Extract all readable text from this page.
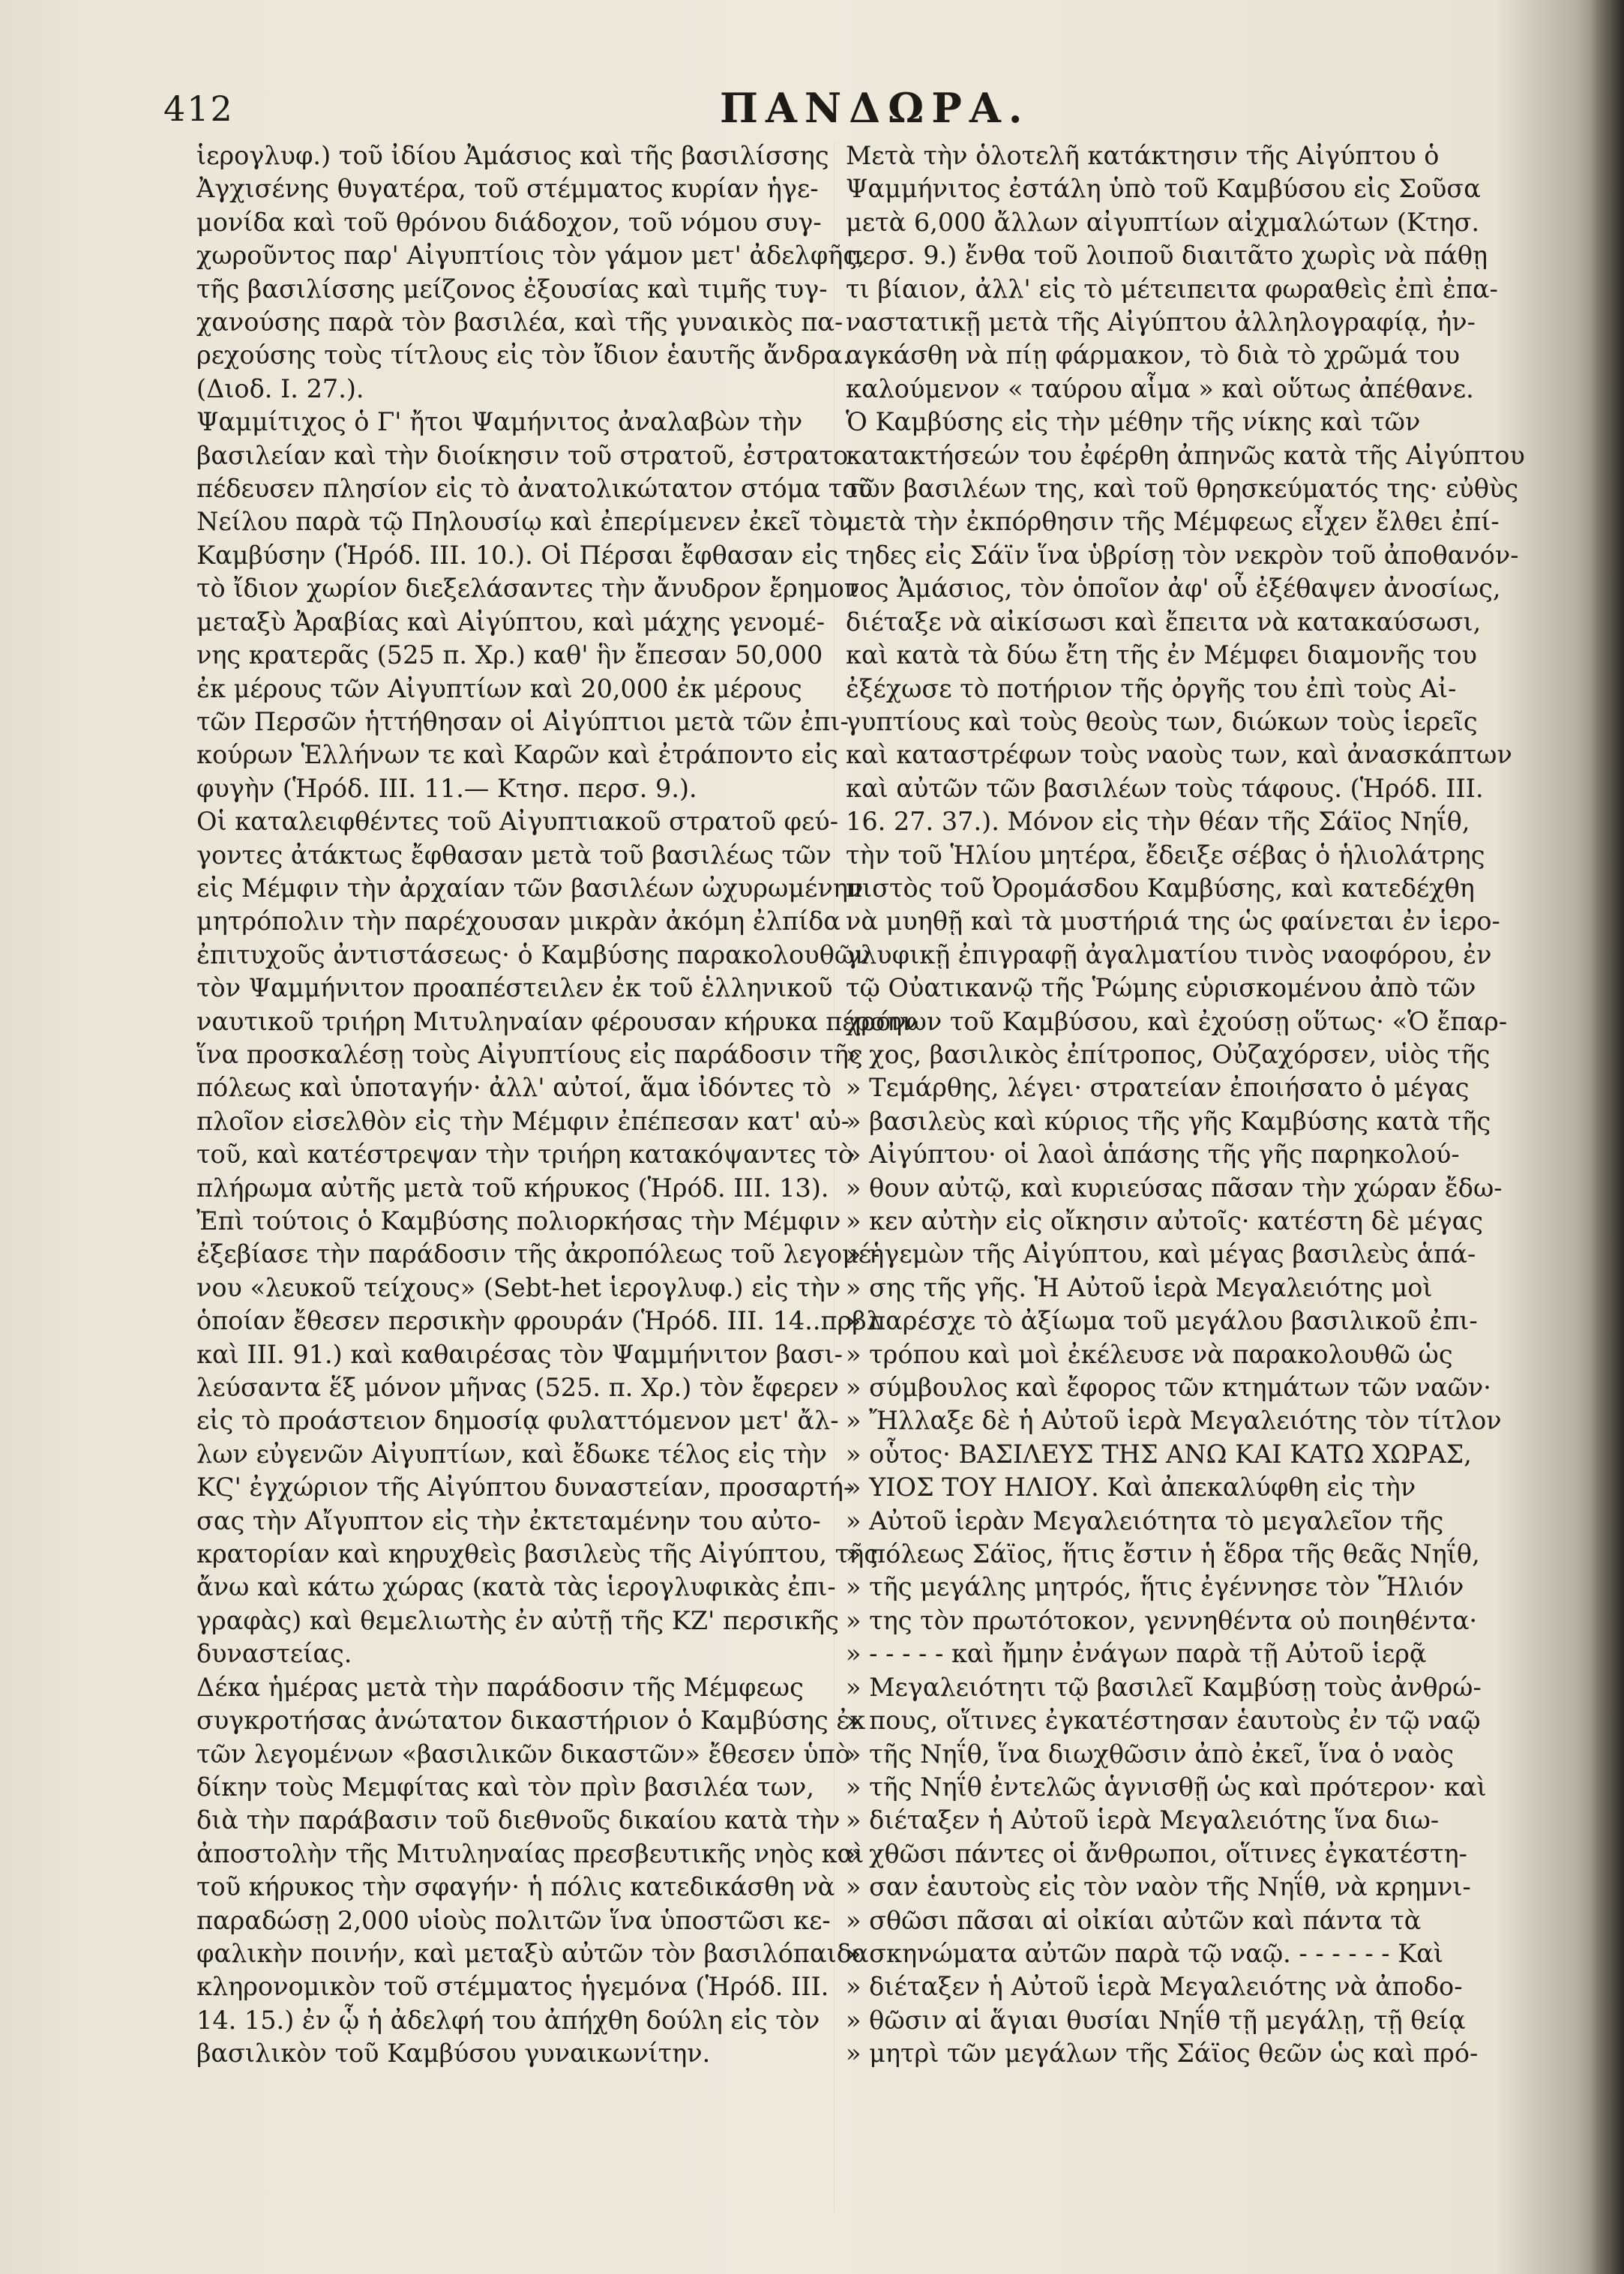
412	ΠΑΝΔΩΡΑ.
ἱερογλυφ.) τοῦ ἰδίου Ἀμάσιος καὶ τῆς βασιλίσσης
Ἀγχισένης θυγατέρα, τοῦ στέμματος κυρίαν ἡγε-
μονίδα καὶ τοῦ θρόνου διάδοχον, τοῦ νόμου συγ-
χωροῦντος παρ' Αἰγυπτίοις τὸν γάμον μετ' ἀδελφῆς,
τῆς βασιλίσσης μείζονος ἐξουσίας καὶ τιμῆς τυγ-
χανούσης παρὰ τὸν βασιλέα, καὶ τῆς γυναικὸς πα-
ρεχούσης τοὺς τίτλους εἰς τὸν ἴδιον ἑαυτῆς ἄνδρα.
(Διοδ. I. 27.).
Ψαμμίτιχος ὁ Γ' ἤτοι Ψαμήνιτος ἀναλαβὼν τὴν
βασιλείαν καὶ τὴν διοίκησιν τοῦ στρατοῦ, ἐστρατο-
πέδευσεν πλησίον εἰς τὸ ἀνατολικώτατον στόμα τοῦ
Νείλου παρὰ τῷ Πηλουσίῳ καὶ ἐπερίμενεν ἐκεῖ τὸν
Καμβύσην (Ἡρόδ. III. 10.). Οἱ Πέρσαι ἔφθασαν εἰς
τὸ ἴδιον χωρίον διεξελάσαντες τὴν ἄνυδρον ἔρημον
μεταξὺ Ἀραβίας καὶ Αἰγύπτου, καὶ μάχης γενομέ-
νης κρατερᾶς (525 π. Χρ.) καθ' ἣν ἔπεσαν 50,000
ἐκ μέρους τῶν Αἰγυπτίων καὶ 20,000 ἐκ μέρους
τῶν Περσῶν ἡττήθησαν οἱ Αἰγύπτιοι μετὰ τῶν ἐπι-
κούρων Ἑλλήνων τε καὶ Καρῶν καὶ ἐτράποντο εἰς
φυγὴν (Ἡρόδ. III. 11.— Κτησ. περσ. 9.).
Οἱ καταλειφθέντες τοῦ Αἰγυπτιακοῦ στρατοῦ φεύ-
γοντες ἀτάκτως ἔφθασαν μετὰ τοῦ βασιλέως τῶν
εἰς Μέμφιν τὴν ἀρχαίαν τῶν βασιλέων ὠχυρωμένην
μητρόπολιν τὴν παρέχουσαν μικρὰν ἀκόμη ἐλπίδα
ἐπιτυχοῦς ἀντιστάσεως· ὁ Καμβύσης παρακολουθῶν
τὸν Ψαμμήνιτον προαπέστειλεν ἐκ τοῦ ἑλληνικοῦ
ναυτικοῦ τριήρη Μιτυληναίαν φέρουσαν κήρυκα πέρσην
ἵνα προσκαλέσῃ τοὺς Αἰγυπτίους εἰς παράδοσιν τῆς
πόλεως καὶ ὑποταγήν· ἀλλ' αὐτοί, ἅμα ἰδόντες τὸ
πλοῖον εἰσελθὸν εἰς τὴν Μέμφιν ἐπέπεσαν κατ' αὐ-
τοῦ, καὶ κατέστρεψαν τὴν τριήρη κατακόψαντες τὸ
πλήρωμα αὐτῆς μετὰ τοῦ κήρυκος (Ἡρόδ. III. 13).
Ἐπὶ τούτοις ὁ Καμβύσης πολιορκήσας τὴν Μέμφιν
ἐξεβίασε τὴν παράδοσιν τῆς ἀκροπόλεως τοῦ λεγομέ-
νου «λευκοῦ τείχους» (Sebt-het ἱερογλυφ.) εἰς τὴν
ὁποίαν ἔθεσεν περσικὴν φρουράν (Ἡρόδ. III. 14..πρβλ
καὶ III. 91.) καὶ καθαιρέσας τὸν Ψαμμήνιτον βασι-
λεύσαντα ἕξ μόνον μῆνας (525. π. Χρ.) τὸν ἔφερεν
εἰς τὸ προάστειον δημοσίᾳ φυλαττόμενον μετ' ἄλ-
λων εὐγενῶν Αἰγυπτίων, καὶ ἔδωκε τέλος εἰς τὴν
ΚϚ' ἐγχώριον τῆς Αἰγύπτου δυναστείαν, προσαρτή-
σας τὴν Αἴγυπτον εἰς τὴν ἐκτεταμένην του αὐτο-
κρατορίαν καὶ κηρυχθεὶς βασιλεὺς τῆς Αἰγύπτου, τῆς
ἄνω καὶ κάτω χώρας (κατὰ τὰς ἱερογλυφικὰς ἐπι-
γραφὰς) καὶ θεμελιωτὴς ἐν αὐτῇ τῆς ΚΖ' περσικῆς
δυναστείας.
Δέκα ἡμέρας μετὰ τὴν παράδοσιν τῆς Μέμφεως
συγκροτήσας ἀνώτατον δικαστήριον ὁ Καμβύσης ἐκ
τῶν λεγομένων «βασιλικῶν δικαστῶν» ἔθεσεν ὑπὸ
δίκην τοὺς Μεμφίτας καὶ τὸν πρὶν βασιλέα των,
διὰ τὴν παράβασιν τοῦ διεθνοῦς δικαίου κατὰ τὴν
ἀποστολὴν τῆς Μιτυληναίας πρεσβευτικῆς νηὸς καὶ
τοῦ κήρυκος τὴν σφαγήν· ἡ πόλις κατεδικάσθη νὰ
παραδώσῃ 2,000 υἱοὺς πολιτῶν ἵνα ὑποστῶσι κε-
φαλικὴν ποινήν, καὶ μεταξὺ αὐτῶν τὸν βασιλόπαιδα
κληρονομικὸν τοῦ στέμματος ἡγεμόνα (Ἡρόδ. III.
14. 15.) ἐν ᾧ ἡ ἀδελφή του ἀπήχθη δούλη εἰς τὸν
βασιλικὸν τοῦ Καμβύσου γυναικωνίτην.
Μετὰ τὴν ὁλοτελῆ κατάκτησιν τῆς Αἰγύπτου ὁ
Ψαμμήνιτος ἐστάλη ὑπὸ τοῦ Καμβύσου εἰς Σοῦσα
μετὰ 6,000 ἄλλων αἰγυπτίων αἰχμαλώτων (Κτησ.
περσ. 9.) ἔνθα τοῦ λοιποῦ διαιτᾶτο χωρὶς νὰ πάθῃ
τι βίαιον, ἀλλ' εἰς τὸ μέτειπειτα φωραθεὶς ἐπὶ ἐπα-
ναστατικῇ μετὰ τῆς Αἰγύπτου ἀλληλογραφίᾳ, ἠν-
αγκάσθη νὰ πίῃ φάρμακον, τὸ διὰ τὸ χρῶμά του
καλούμενον « ταύρου αἷμα » καὶ οὕτως ἀπέθανε.
Ὁ Καμβύσης εἰς τὴν μέθην τῆς νίκης καὶ τῶν
κατακτήσεών του ἐφέρθη ἀπηνῶς κατὰ τῆς Αἰγύπτου
τῶν βασιλέων της, καὶ τοῦ θρησκεύματός της· εὐθὺς
μετὰ τὴν ἐκπόρθησιν τῆς Μέμφεως εἶχεν ἔλθει ἐπί-
τηδες εἰς Σάϊν ἵνα ὑβρίσῃ τὸν νεκρὸν τοῦ ἀποθανόν-
τος Ἀμάσιος, τὸν ὁποῖον ἀφ' οὗ ἐξέθαψεν ἀνοσίως,
διέταξε νὰ αἰκίσωσι καὶ ἔπειτα νὰ κατακαύσωσι,
καὶ κατὰ τὰ δύω ἔτη τῆς ἐν Μέμφει διαμονῆς του
ἐξέχωσε τὸ ποτήριον τῆς ὀργῆς του ἐπὶ τοὺς Αἰ-
γυπτίους καὶ τοὺς θεοὺς των, διώκων τοὺς ἱερεῖς
καὶ καταστρέφων τοὺς ναοὺς των, καὶ ἀνασκάπτων
καὶ αὐτῶν τῶν βασιλέων τοὺς τάφους. (Ἡρόδ. III.
16. 27. 37.). Μόνον εἰς τὴν θέαν τῆς Σάϊος Νηΐθ,
τὴν τοῦ Ἡλίου μητέρα, ἔδειξε σέβας ὁ ἡλιολάτρης
πιστὸς τοῦ Ὀρομάσδου Καμβύσης, καὶ κατεδέχθη
νὰ μυηθῇ καὶ τὰ μυστήριά της ὡς φαίνεται ἐν ἱερο-
γλυφικῇ ἐπιγραφῇ ἀγαλματίου τινὸς ναοφόρου, ἐν
τῷ Οὐατικανῷ τῆς Ῥώμης εὑρισκομένου ἀπὸ τῶν
χρόνων τοῦ Καμβύσου, καὶ ἐχούσῃ οὕτως· «Ὁ ἔπαρ-
» χος, βασιλικὸς ἐπίτροπος, Οὐζαχόρσεν, υἱὸς τῆς
» Τεμάρθης, λέγει· στρατείαν ἐποιήσατο ὁ μέγας
» βασιλεὺς καὶ κύριος τῆς γῆς Καμβύσης κατὰ τῆς
» Αἰγύπτου· οἱ λαοὶ ἁπάσης τῆς γῆς παρηκολού-
» θουν αὐτῷ, καὶ κυριεύσας πᾶσαν τὴν χώραν ἔδω-
» κεν αὐτὴν εἰς οἴκησιν αὐτοῖς· κατέστη δὲ μέγας
» ἡγεμὼν τῆς Αἰγύπτου, καὶ μέγας βασιλεὺς ἁπά-
» σης τῆς γῆς. Ἡ Αὐτοῦ ἱερὰ Μεγαλειότης μοὶ
» παρέσχε τὸ ἀξίωμα τοῦ μεγάλου βασιλικοῦ ἐπι-
» τρόπου καὶ μοὶ ἐκέλευσε νὰ παρακολουθῶ ὡς
» σύμβουλος καὶ ἔφορος τῶν κτημάτων τῶν ναῶν·
» Ἤλλαξε δὲ ἡ Αὐτοῦ ἱερὰ Μεγαλειότης τὸν τίτλον
» οὗτος· ΒΑΣΙΛΕΥΣ ΤΗΣ ΑΝΩ ΚΑΙ ΚΑΤΩ ΧΩΡΑΣ,
» ΥΙΟΣ ΤΟΥ ΗΛΙΟΥ. Καὶ ἀπεκαλύφθη εἰς τὴν
» Αὐτοῦ ἱερὰν Μεγαλειότητα τὸ μεγαλεῖον τῆς
» πόλεως Σάϊος, ἥτις ἔστιν ἡ ἕδρα τῆς θεᾶς Νηΐθ,
» τῆς μεγάλης μητρός, ἥτις ἐγέννησε τὸν Ἥλιόν
» της τὸν πρωτότοκον, γεννηθέντα οὐ ποιηθέντα·
» - - - - - καὶ ἤμην ἐνάγων παρὰ τῇ Αὐτοῦ ἱερᾷ
» Μεγαλειότητι τῷ βασιλεῖ Καμβύσῃ τοὺς ἀνθρώ-
» πους, οἵτινες ἐγκατέστησαν ἑαυτοὺς ἐν τῷ ναῷ
» τῆς Νηΐθ, ἵνα διωχθῶσιν ἀπὸ ἐκεῖ, ἵνα ὁ ναὸς
» τῆς Νηΐθ ἐντελῶς ἁγνισθῇ ὡς καὶ πρότερον· καὶ
» διέταξεν ἡ Αὐτοῦ ἱερὰ Μεγαλειότης ἵνα διω-
» χθῶσι πάντες οἱ ἄνθρωποι, οἵτινες ἐγκατέστη-
» σαν ἑαυτοὺς εἰς τὸν ναὸν τῆς Νηΐθ, νὰ κρημνι-
» σθῶσι πᾶσαι αἱ οἰκίαι αὐτῶν καὶ πάντα τὰ
» σκηνώματα αὐτῶν παρὰ τῷ ναῷ. - - - - - - Καὶ
» διέταξεν ἡ Αὐτοῦ ἱερὰ Μεγαλειότης νὰ ἀποδο-
» θῶσιν αἱ ἅγιαι θυσίαι Νηΐθ τῇ μεγάλῃ, τῇ θείᾳ
» μητρὶ τῶν μεγάλων τῆς Σάϊος θεῶν ὡς καὶ πρό-
